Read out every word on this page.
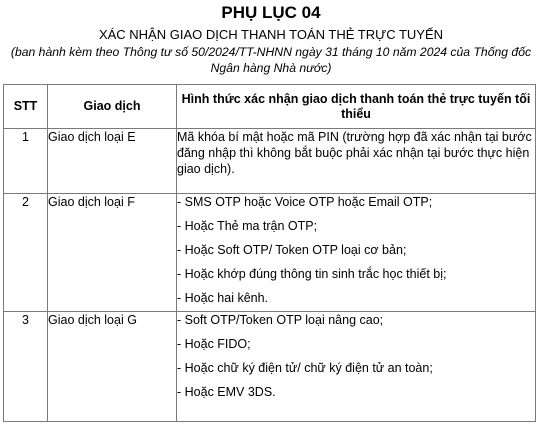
PHỤ LỤC 04

XÁC NHẬN GIAO DỊCH THANH TOÁN THẺ TRỰC TUYẾN

(ban hành kèm theo Thông tư số 50/2024/TT-NHNN ngày 31 tháng 10 năm 2024 của Thống đốc Ngân hàng Nhà nước)

STT	Giao dịch	Hình thức xác nhận giao dịch thanh toán thẻ trực tuyến tối thiểu
1	Giao dịch loại E	Mã khóa bí mật hoặc mã PIN (trường hợp đã xác nhận tại bước đăng nhập thì không bắt buộc phải xác nhận tại bước thực hiện giao dịch).

2	Giao dịch loại F	- SMS OTP hoặc Voice OTP hoặc Email OTP;
- Hoặc Thẻ ma trận OTP;
- Hoặc Soft OTP/ Token OTP loại cơ bản;
- Hoặc khớp đúng thông tin sinh trắc học thiết bị;
- Hoặc hai kênh.

3	Giao dịch loại G	- Soft OTP/Token OTP loại nâng cao;
- Hoặc FIDO;
- Hoặc chữ ký điện tử/ chữ ký điện tử an toàn;
- Hoặc EMV 3DS.
